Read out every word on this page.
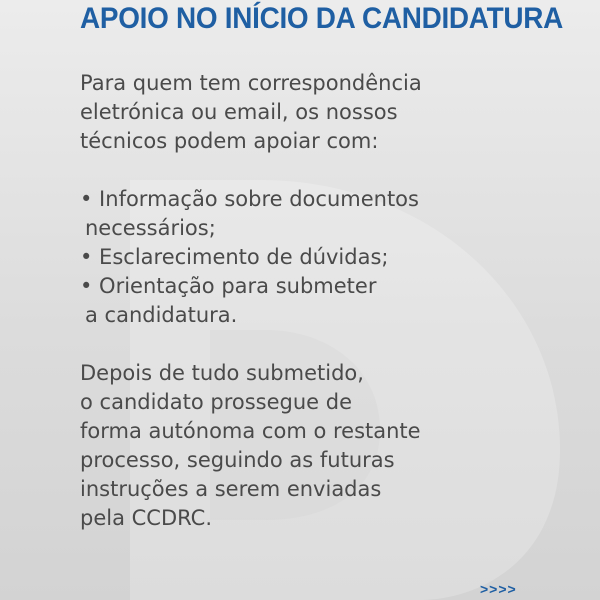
APOIO NO INÍCIO DA CANDIDATURA

Para quem tem correspondência
eletrónica ou email, os nossos
técnicos podem apoiar com:

• Informação sobre documentos
necessários;
• Esclarecimento de dúvidas;
• Orientação para submeter
a candidatura.

Depois de tudo submetido,
o candidato prossegue de
forma autónoma com o restante
processo, seguindo as futuras
instruções a serem enviadas
pela CCDRC.

>>>>
